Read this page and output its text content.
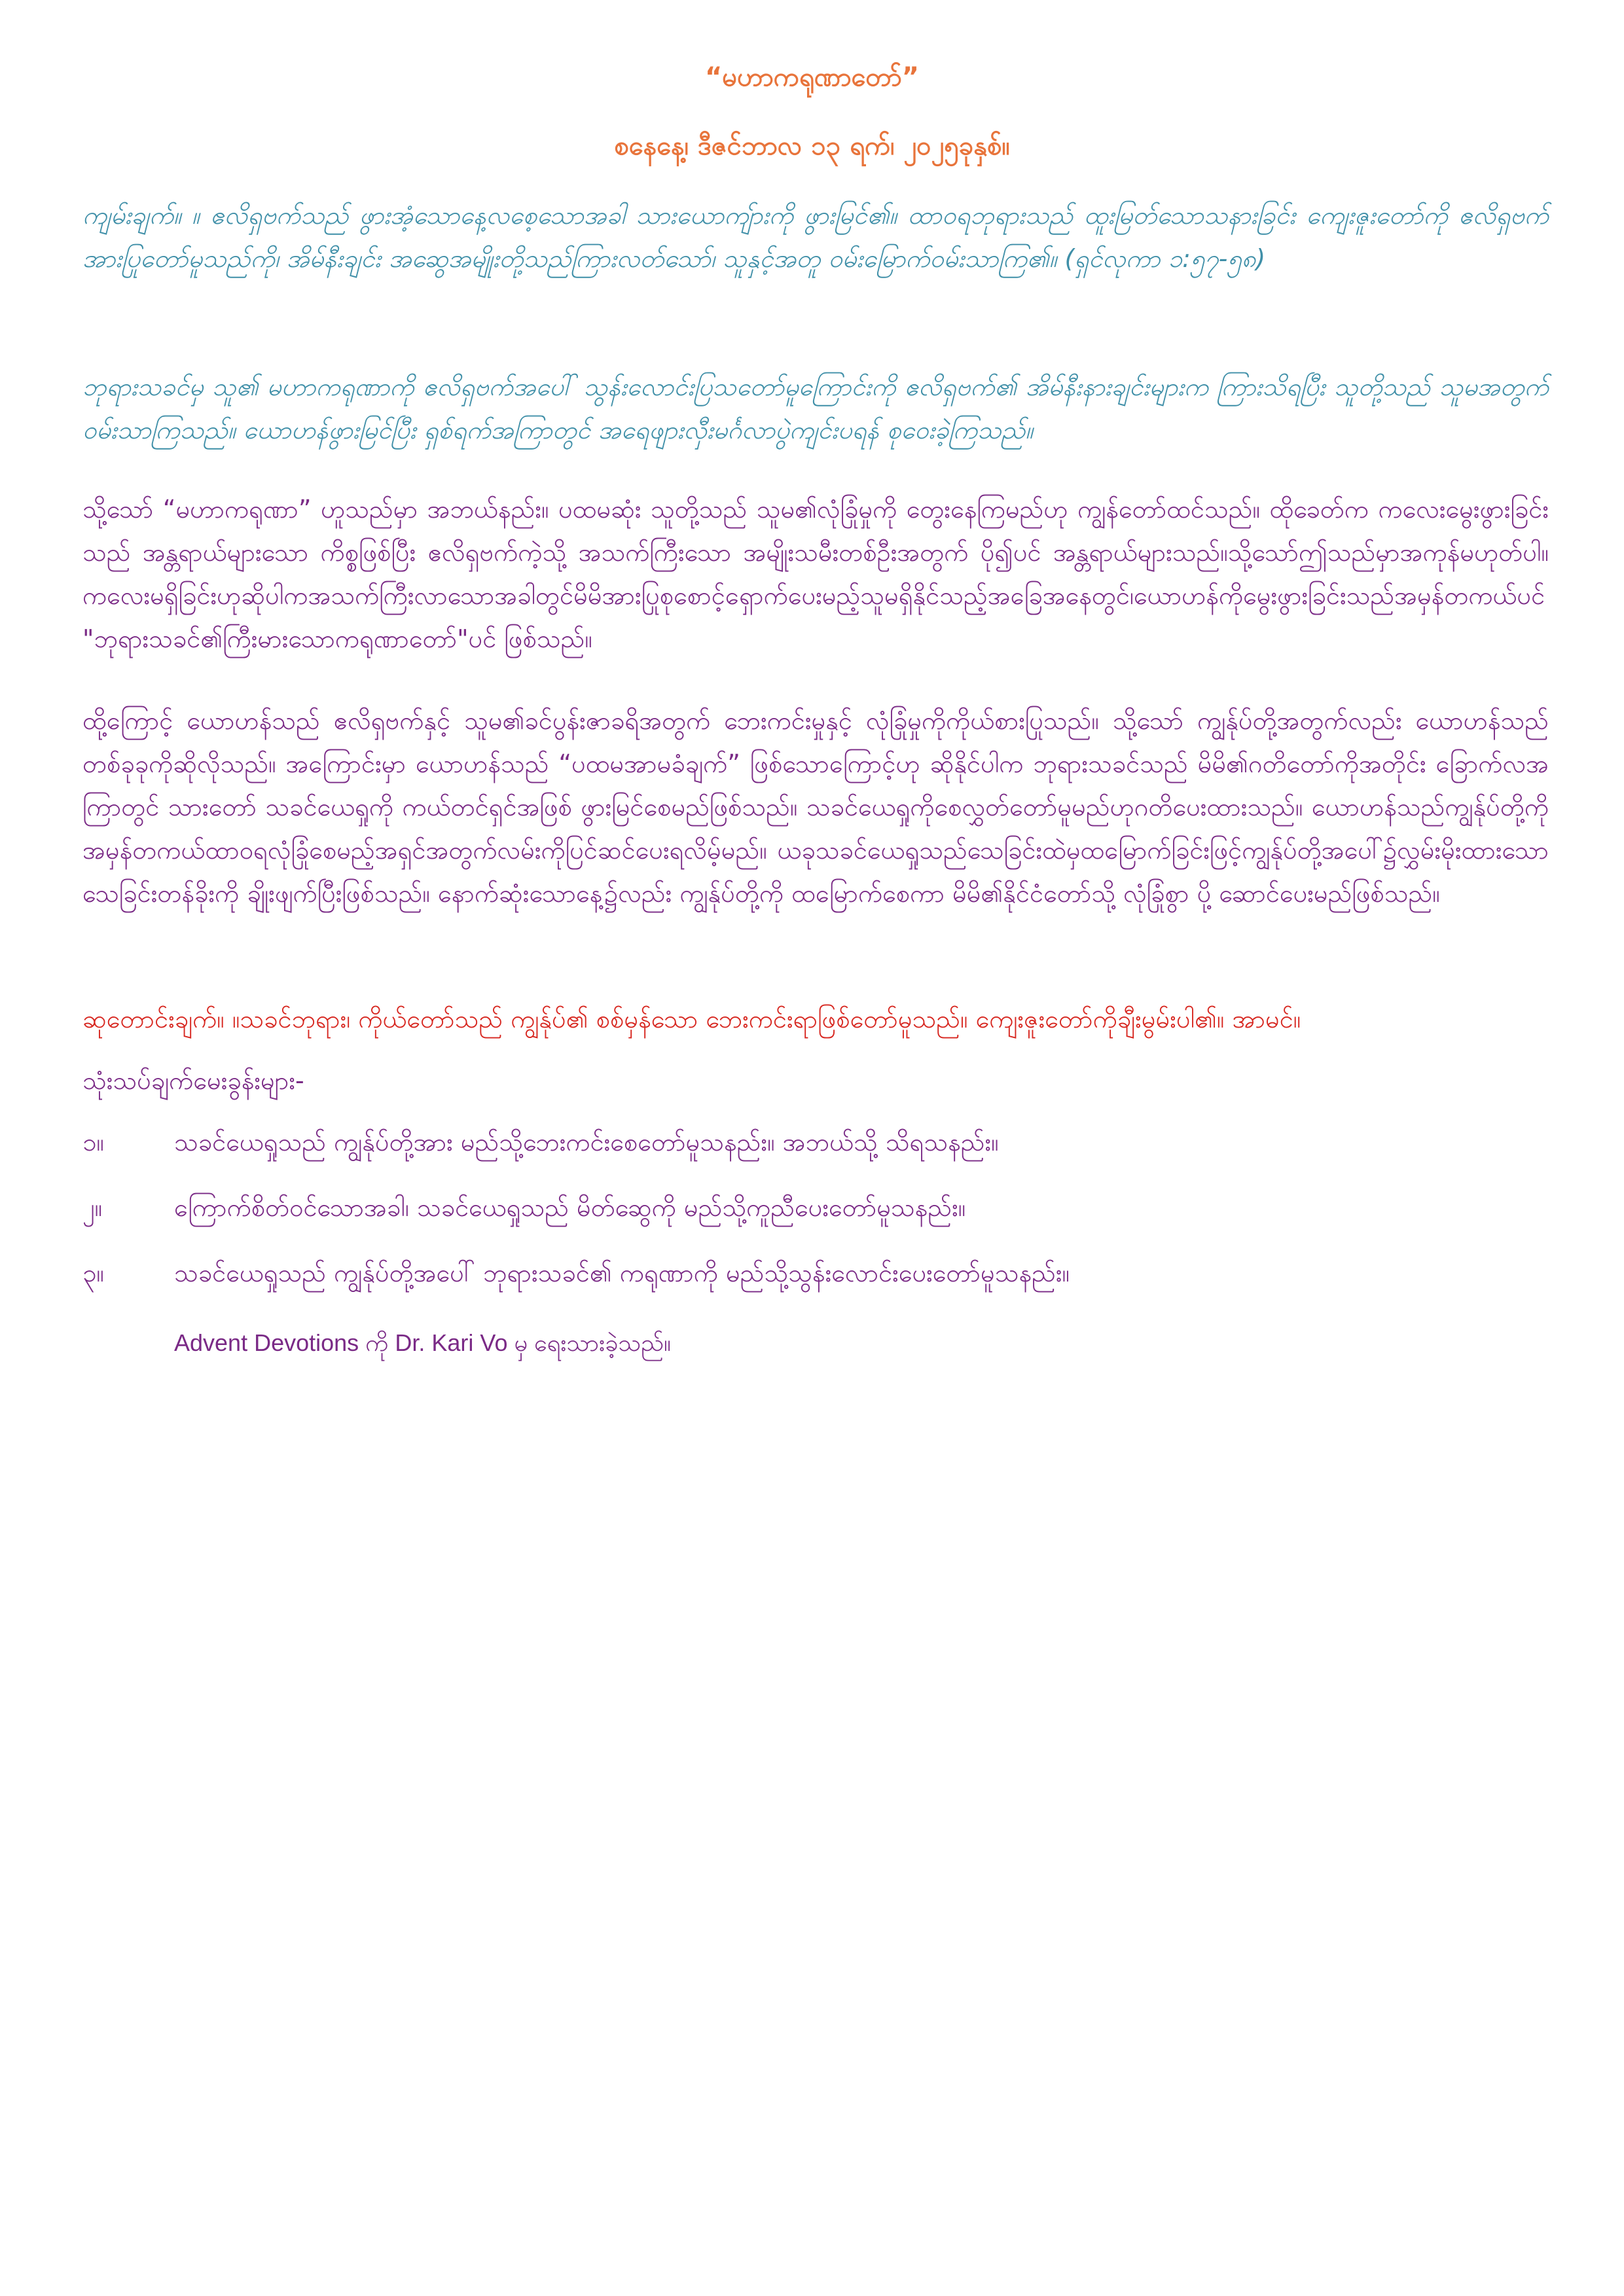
“မဟာကရုဏာတော်”
စနေနေ့၊ ဒီဇင်ဘာလ ၁၃ ရက်၊ ၂၀၂၅ခုနှစ်။

ကျမ်းချက်။ ။ ဧလိရှဗက်သည် ဖွားအံ့သောနေ့လစေ့သောအခါ သားယောကျ်ားကို ဖွားမြင်၏။ ထာဝရဘုရားသည် ထူးမြတ်သောသနားခြင်း ကျေးဇူးတော်ကို ဧလိရှဗက်အားပြုတော်မူသည်ကို၊ အိမ်နီးချင်း အဆွေအမျိုးတို့သည်ကြားလတ်သော်၊ သူနှင့်အတူ ဝမ်းမြောက်ဝမ်းသာကြ၏။ (ရှင်လုကာ ၁:၅၇-၅၈)

ဘုရားသခင်မှ သူ၏ မဟာကရုဏာကို ဧလိရှဗက်အပေါ် သွန်းလောင်းပြသတော်မူကြောင်းကို ဧလိရှဗက်၏ အိမ်နီးနားချင်းများက ကြားသိရပြီး သူတို့သည် သူမအတွက် ဝမ်းသာကြသည်။ ယောဟန်ဖွားမြင်ပြီး ရှစ်ရက်အကြာတွင် အရေဖျားလှီးမင်္ဂလာပွဲကျင်းပရန် စုဝေးခဲ့ကြသည်။

သို့သော် “မဟာကရုဏာ” ဟူသည်မှာ အဘယ်နည်း။ ပထမဆုံး သူတို့သည် သူမ၏လုံခြုံမှုကို တွေးနေကြမည်ဟု ကျွန်တော်ထင်သည်။ ထိုခေတ်က ကလေးမွေးဖွားခြင်းသည် အန္တရာယ်များသော ကိစ္စဖြစ်ပြီး ဧလိရှဗက်ကဲ့သို့ အသက်ကြီးသော အမျိုးသမီးတစ်ဦးအတွက် ပို၍ပင် အန္တရာယ်များသည်။သို့သော်ဤသည်မှာအကုန်မဟုတ်ပါ။ကလေးမရှိခြင်းဟုဆိုပါကအသက်ကြီးလာသောအခါတွင်မိမိအားပြုစုစောင့်ရှောက်ပေးမည့်သူမရှိနိုင်သည့်အခြေအနေတွင်၊ယောဟန်ကိုမွေးဖွားခြင်းသည်အမှန်တကယ်ပင် "ဘုရားသခင်၏ကြီးမားသောကရုဏာတော်"ပင် ဖြစ်သည်။

ထို့ကြောင့် ယောဟန်သည် ဧလိရှဗက်နှင့် သူမ၏ခင်ပွန်းဇာခရိအတွက် ဘေးကင်းမှုနှင့် လုံခြုံမှုကိုကိုယ်စားပြုသည်။ သို့သော် ကျွန်ုပ်တို့အတွက်လည်း ယောဟန်သည် တစ်ခုခုကိုဆိုလိုသည်။ အကြောင်းမှာ ယောဟန်သည် “ပထမအာမခံချက်” ဖြစ်သောကြောင့်ဟု ဆိုနိုင်ပါက ဘုရားသခင်သည် မိမိ၏ဂတိတော်ကိုအတိုင်း ခြောက်လအကြာတွင် သားတော် သခင်ယေရှုကို ကယ်တင်ရှင်အဖြစ် ဖွားမြင်စေမည်ဖြစ်သည်။ သခင်ယေရှုကိုစေလွှတ်တော်မူမည်ဟုဂတိပေးထားသည်။ ယောဟန်သည်ကျွန်ုပ်တို့ကိုအမှန်တကယ်ထာဝရလုံခြုံစေမည့်အရှင်အတွက်လမ်းကိုပြင်ဆင်ပေးရလိမ့်မည်။ ယခုသခင်ယေရှုသည်သေခြင်းထဲမှထမြောက်ခြင်းဖြင့်ကျွန်ုပ်တို့အပေါ်၌လွှမ်းမိုးထားသောသေခြင်းတန်ခိုးကို ချိုးဖျက်ပြီးဖြစ်သည်။ နောက်ဆုံးသောနေ့၌လည်း ကျွန်ုပ်တို့ကို ထမြောက်စေကာ မိမိ၏နိုင်ငံတော်သို့ လုံခြုံစွာ ပို့ ဆောင်ပေးမည်ဖြစ်သည်။

ဆုတောင်းချက်။ ။သခင်ဘုရား၊ ကိုယ်တော်သည် ကျွန်ုပ်၏ စစ်မှန်သော ဘေးကင်းရာဖြစ်တော်မူသည်။ ကျေးဇူးတော်ကိုချီးမွမ်းပါ၏။ အာမင်။

သုံးသပ်ချက်မေးခွန်းများ-

၁။	သခင်ယေရှုသည် ကျွန်ုပ်တို့အား မည်သို့ဘေးကင်းစေတော်မူသနည်း။ အဘယ်သို့ သိရသနည်း။
၂။	ကြောက်စိတ်ဝင်သောအခါ၊ သခင်ယေရှုသည် မိတ်ဆွေကို မည်သို့ကူညီပေးတော်မူသနည်း။
၃။	သခင်ယေရှုသည် ကျွန်ုပ်တို့အပေါ် ဘုရားသခင်၏ ကရုဏာကို မည်သို့သွန်းလောင်းပေးတော်မူသနည်း။
Advent Devotions ကို Dr. Kari Vo မှ ရေးသားခဲ့သည်။
